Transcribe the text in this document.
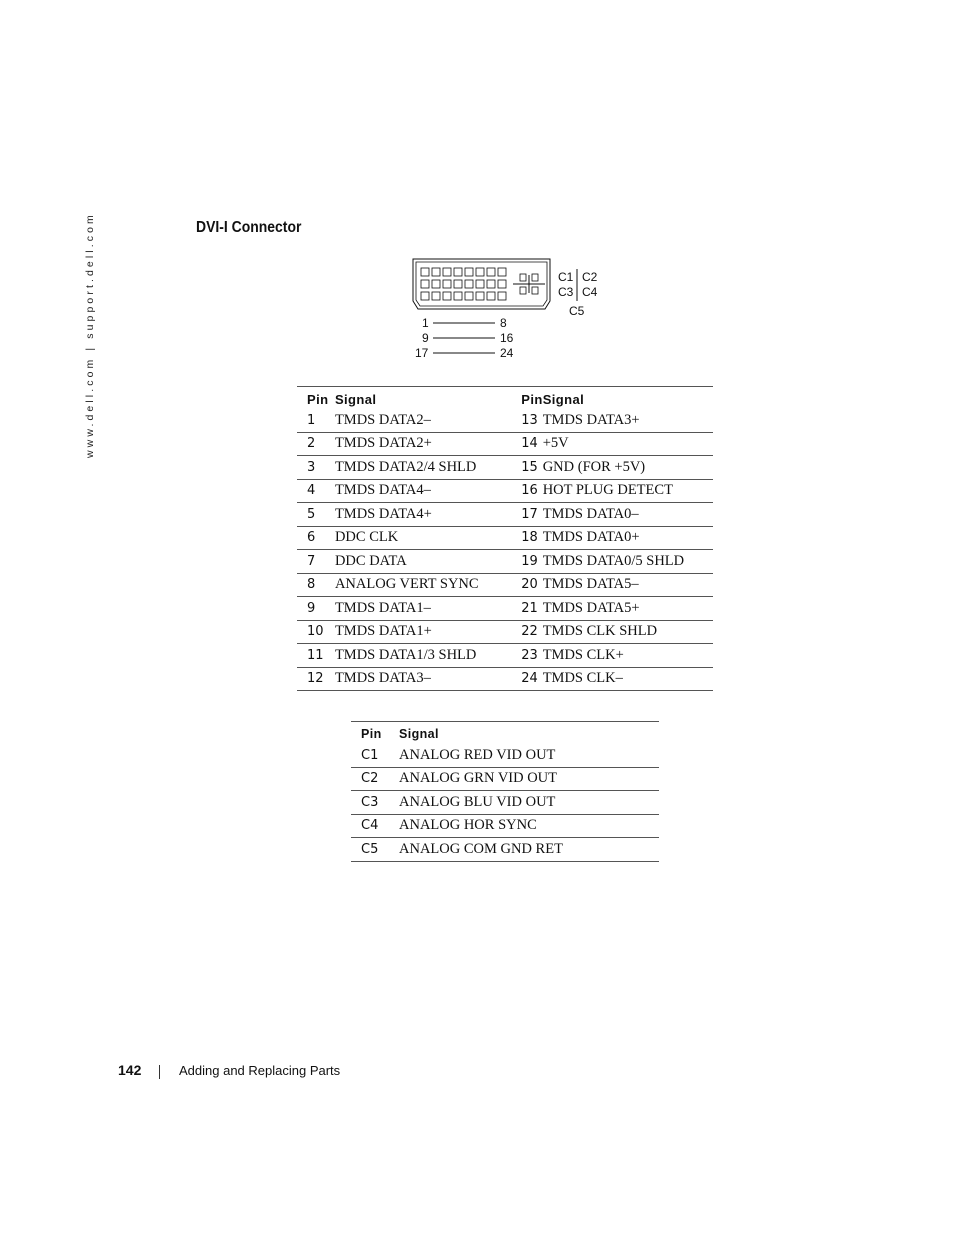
www.dell.com | support.dell.com	DVI-I Connector
C1 C2
C3 C4
C5
1	8
9	16
17	24
Pin	Signal	Pin	Signal
1	TMDS DATA2–	13	TMDS DATA3+
2	TMDS DATA2+	14	+5V
3	TMDS DATA2/4 SHLD	15	GND (FOR +5V)
4	TMDS DATA4–	16	HOT PLUG DETECT
5	TMDS DATA4+	17	TMDS DATA0–
6	DDC CLK	18	TMDS DATA0+
7	DDC DATA	19	TMDS DATA0/5 SHLD
8	ANALOG VERT SYNC	20	TMDS DATA5–
9	TMDS DATA1–	21	TMDS DATA5+
10	TMDS DATA1+	22	TMDS CLK SHLD
11	TMDS DATA1/3 SHLD	23	TMDS CLK+
12	TMDS DATA3–	24	TMDS CLK–
Pin	Signal
C1	ANALOG RED VID OUT
C2	ANALOG GRN VID OUT
C3	ANALOG BLU VID OUT
C4	ANALOG HOR SYNC
C5	ANALOG COM GND RET
142	Adding and Replacing Parts
